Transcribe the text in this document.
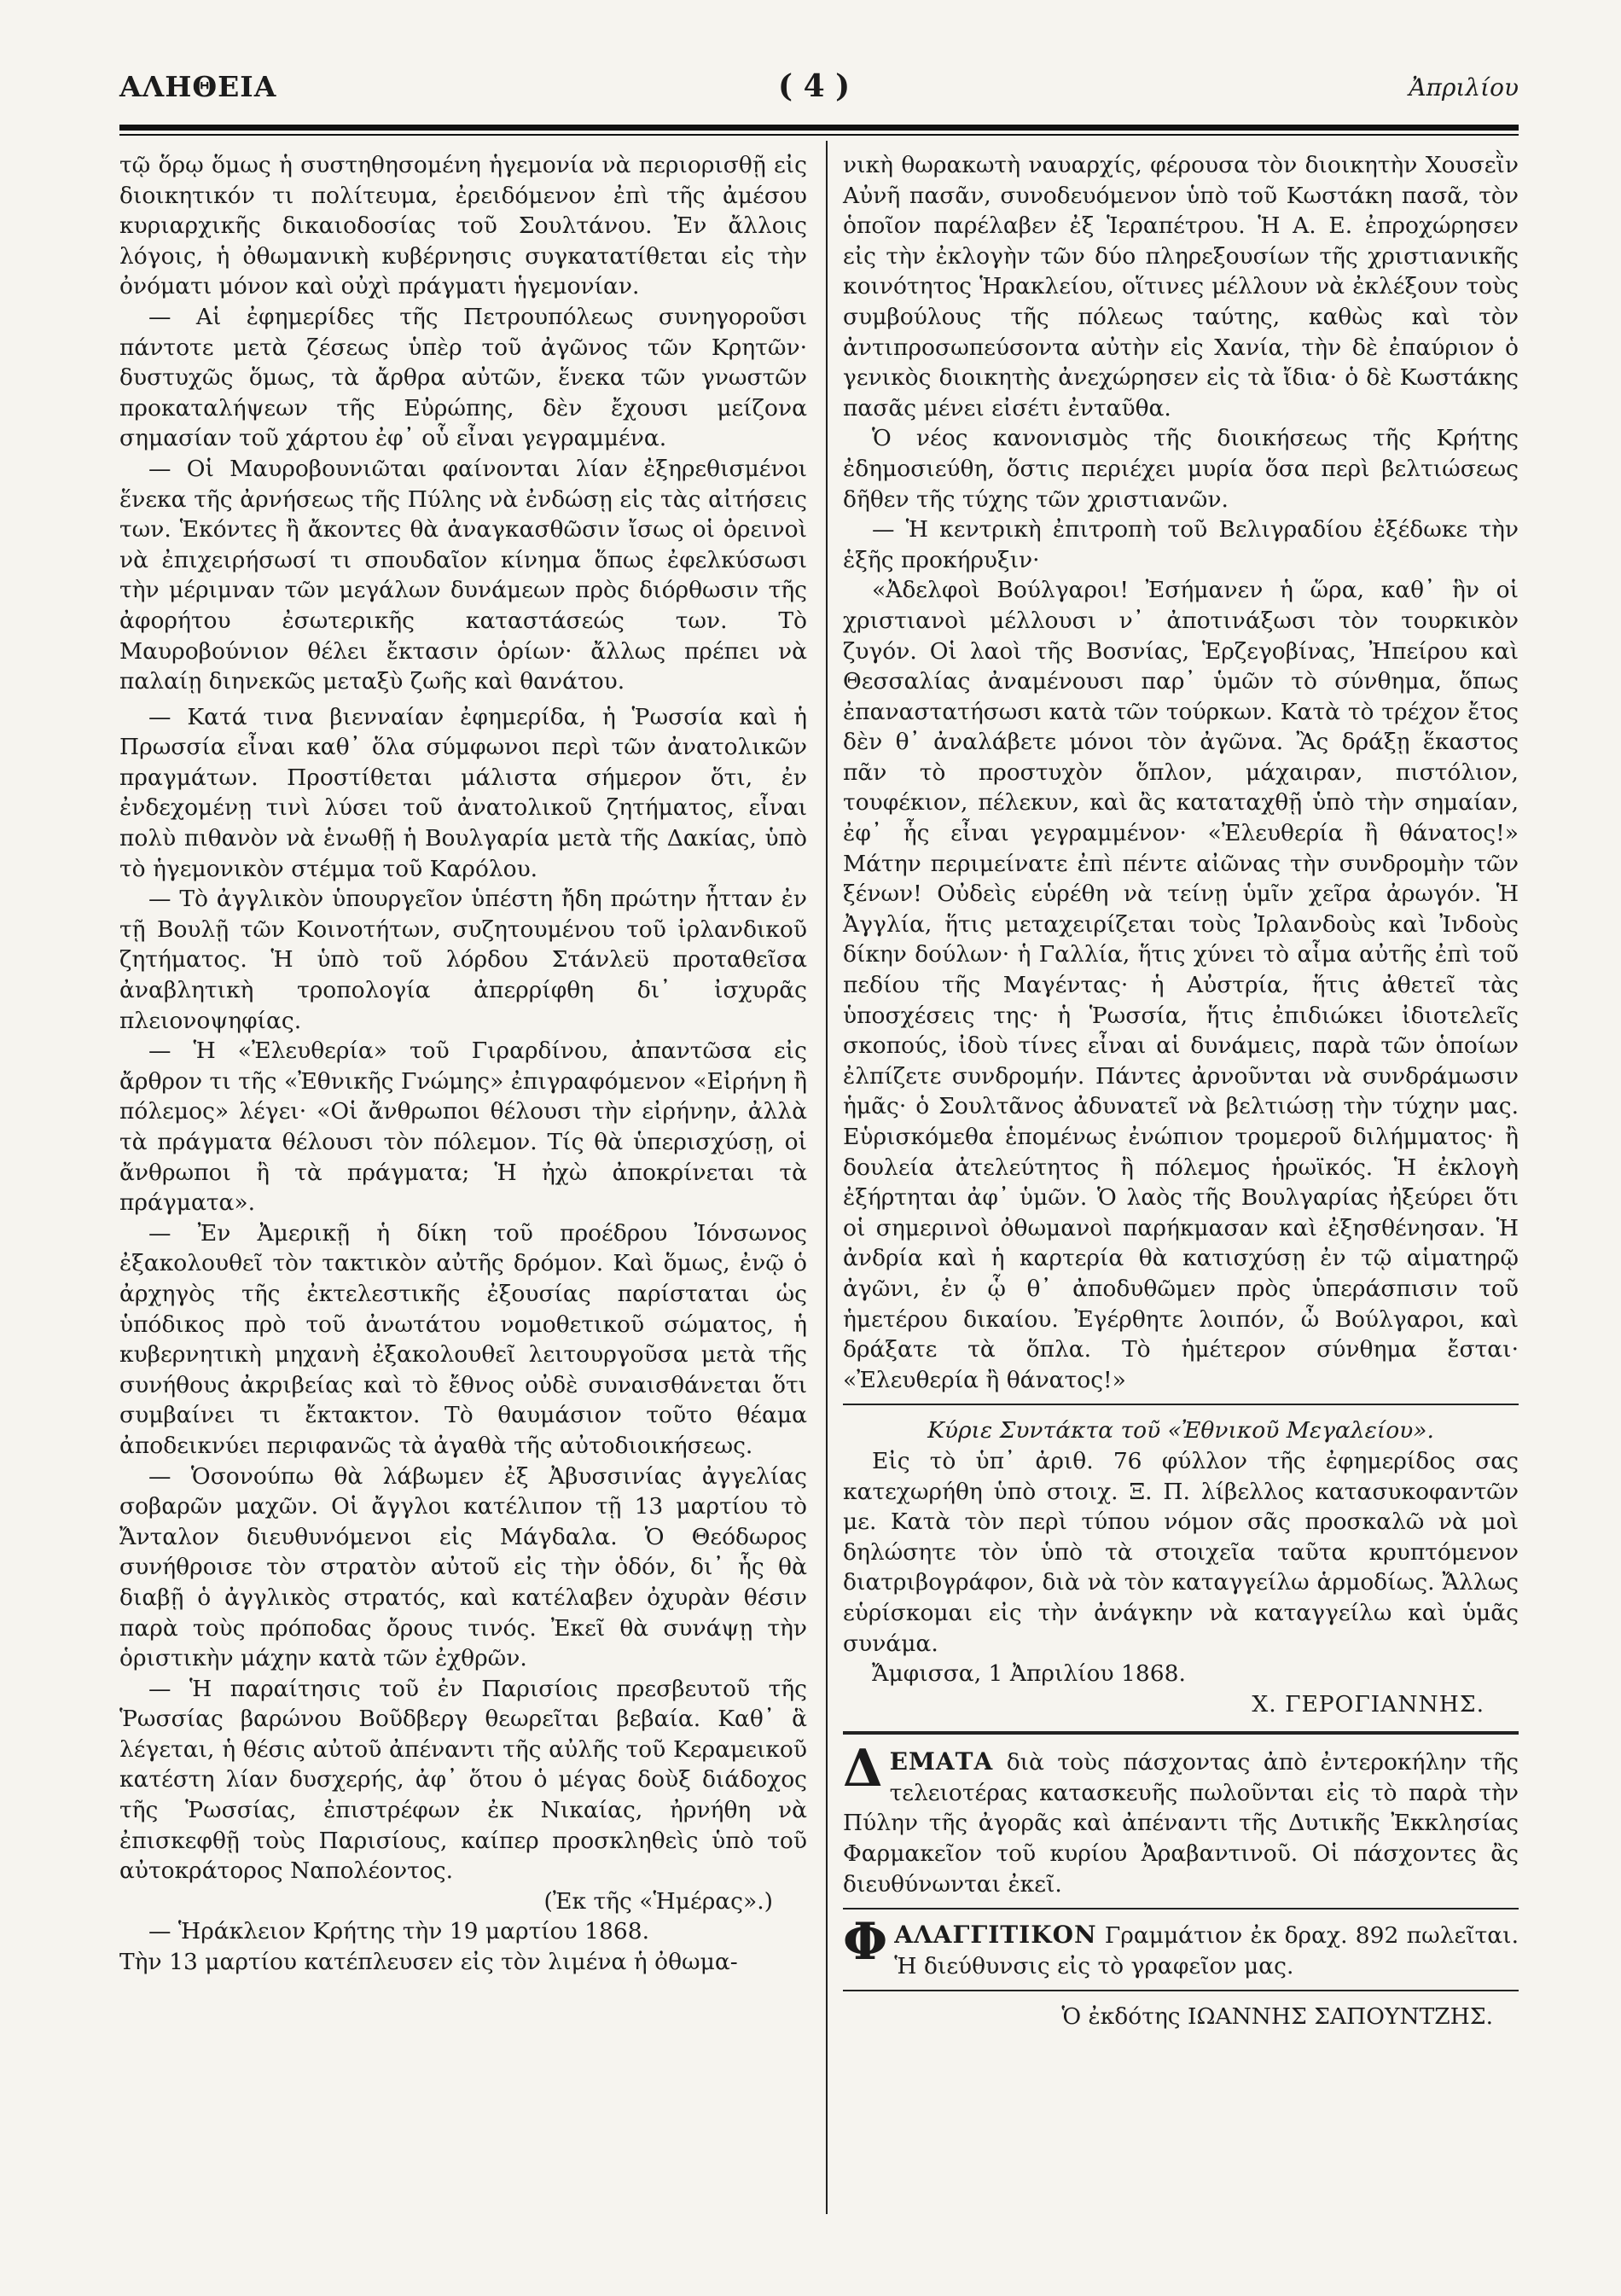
ΑΛΗΘΕΙΑ	( 4 )	Ἀπριλίου

τῷ ὅρῳ ὅμως ἡ συστηθησομένη ἡγεμονία νὰ περιορισθῇ εἰς διοικητικόν τι πολίτευμα, ἐρειδόμενον ἐπὶ τῆς ἀμέσου κυριαρχικῆς δικαιοδοσίας τοῦ Σουλτάνου. Ἐν ἄλλοις λόγοις, ἡ ὀθωμανικὴ κυβέρνησις συγκατατίθεται εἰς τὴν ὀνόματι μόνον καὶ οὐχὶ πράγματι ἡγεμονίαν.

— Αἱ ἐφημερίδες τῆς Πετρουπόλεως συνηγοροῦσι πάντοτε μετὰ ζέσεως ὑπὲρ τοῦ ἀγῶνος τῶν Κρητῶν· δυστυχῶς ὅμως, τὰ ἄρθρα αὐτῶν, ἕνεκα τῶν γνωστῶν προκαταλήψεων τῆς Εὐρώπης, δὲν ἔχουσι μείζονα σημασίαν τοῦ χάρτου ἐφ᾽ οὗ εἶναι γεγραμμένα.

— Οἱ Μαυροβουνιῶται φαίνονται λίαν ἐξηρεθισμένοι ἕνεκα τῆς ἀρνήσεως τῆς Πύλης νὰ ἐνδώσῃ εἰς τὰς αἰτήσεις των. Ἑκόντες ἢ ἄκοντες θὰ ἀναγκασθῶσιν ἴσως οἱ ὀρεινοὶ νὰ ἐπιχειρήσωσί τι σπουδαῖον κίνημα ὅπως ἐφελκύσωσι τὴν μέριμναν τῶν μεγάλων δυνάμεων πρὸς διόρθωσιν τῆς ἀφορήτου ἐσωτερικῆς καταστάσεώς των. Τὸ Μαυροβούνιον θέλει ἔκτασιν ὁρίων· ἄλλως πρέπει νὰ παλαίῃ διηνεκῶς μεταξὺ ζωῆς καὶ θανάτου.

— Κατά τινα βιενναίαν ἐφημερίδα, ἡ Ῥωσσία καὶ ἡ Πρωσσία εἶναι καθ᾽ ὅλα σύμφωνοι περὶ τῶν ἀνατολικῶν πραγμάτων. Προστίθεται μάλιστα σήμερον ὅτι, ἐν ἐνδεχομένῃ τινὶ λύσει τοῦ ἀνατολικοῦ ζητήματος, εἶναι πολὺ πιθανὸν νὰ ἑνωθῇ ἡ Βουλγαρία μετὰ τῆς Δακίας, ὑπὸ τὸ ἡγεμονικὸν στέμμα τοῦ Καρόλου.

— Τὸ ἀγγλικὸν ὑπουργεῖον ὑπέστη ἤδη πρώτην ἧτταν ἐν τῇ Βουλῇ τῶν Κοινοτήτων, συζητουμένου τοῦ ἰρλανδικοῦ ζητήματος. Ἡ ὑπὸ τοῦ λόρδου Στάνλεϋ προταθεῖσα ἀναβλητικὴ τροπολογία ἀπερρίφθη δι᾽ ἰσχυρᾶς πλειονοψηφίας.

— Ἡ «Ἐλευθερία» τοῦ Γιραρδίνου, ἀπαντῶσα εἰς ἄρθρον τι τῆς «Ἐθνικῆς Γνώμης» ἐπιγραφόμενον «Εἰρήνη ἢ πόλεμος» λέγει· «Οἱ ἄνθρωποι θέλουσι τὴν εἰρήνην, ἀλλὰ τὰ πράγματα θέλουσι τὸν πόλεμον. Τίς θὰ ὑπερισχύσῃ, οἱ ἄνθρωποι ἢ τὰ πράγματα; Ἡ ἠχὼ ἀποκρίνεται τὰ πράγματα».

— Ἐν Ἀμερικῇ ἡ δίκη τοῦ προέδρου Ἰόνσωνος ἐξακολουθεῖ τὸν τακτικὸν αὐτῆς δρόμον. Καὶ ὅμως, ἐνῷ ὁ ἀρχηγὸς τῆς ἐκτελεστικῆς ἐξουσίας παρίσταται ὡς ὑπόδικος πρὸ τοῦ ἀνωτάτου νομοθετικοῦ σώματος, ἡ κυβερνητικὴ μηχανὴ ἐξακολουθεῖ λειτουργοῦσα μετὰ τῆς συνήθους ἀκριβείας καὶ τὸ ἔθνος οὐδὲ συναισθάνεται ὅτι συμβαίνει τι ἔκτακτον. Τὸ θαυμάσιον τοῦτο θέαμα ἀποδεικνύει περιφανῶς τὰ ἀγαθὰ τῆς αὐτοδιοικήσεως.

— Ὁσονούπω θὰ λάβωμεν ἐξ Ἀβυσσινίας ἀγγελίας σοβαρῶν μαχῶν. Οἱ ἄγγλοι κατέλιπον τῇ 13 μαρτίου τὸ Ἄνταλον διευθυνόμενοι εἰς Μάγδαλα. Ὁ Θεόδωρος συνήθροισε τὸν στρατὸν αὐτοῦ εἰς τὴν ὁδόν, δι᾽ ἧς θὰ διαβῇ ὁ ἀγγλικὸς στρατός, καὶ κατέλαβεν ὀχυρὰν θέσιν παρὰ τοὺς πρόποδας ὄρους τινός. Ἐκεῖ θὰ συνάψῃ τὴν ὁριστικὴν μάχην κατὰ τῶν ἐχθρῶν.

— Ἡ παραίτησις τοῦ ἐν Παρισίοις πρεσβευτοῦ τῆς Ῥωσσίας βαρώνου Βοῦδβεργ θεωρεῖται βεβαία. Καθ᾽ ἃ λέγεται, ἡ θέσις αὐτοῦ ἀπέναντι τῆς αὐλῆς τοῦ Κεραμεικοῦ κατέστη λίαν δυσχερής, ἀφ᾽ ὅτου ὁ μέγας δοὺξ διάδοχος τῆς Ῥωσσίας, ἐπιστρέφων ἐκ Νικαίας, ἠρνήθη νὰ ἐπισκεφθῇ τοὺς Παρισίους, καίπερ προσκληθεὶς ὑπὸ τοῦ αὐτοκράτορος Ναπολέοντος.

(Ἐκ τῆς «Ἡμέρας».)

— Ἡράκλειον Κρήτης τὴν 19 μαρτίου 1868.

Τὴν 13 μαρτίου κατέπλευσεν εἰς τὸν λιμένα ἡ ὀθωμα-

νικὴ θωρακωτὴ ναυαρχίς, φέρουσα τὸν διοικητὴν Χουσεῒν Αὐνῆ πασᾶν, συνοδευόμενον ὑπὸ τοῦ Κωστάκη πασᾶ, τὸν ὁποῖον παρέλαβεν ἐξ Ἱεραπέτρου. Ἡ Α. Ε. ἐπροχώρησεν εἰς τὴν ἐκλογὴν τῶν δύο πληρεξουσίων τῆς χριστιανικῆς κοινότητος Ἡρακλείου, οἵτινες μέλλουν νὰ ἐκλέξουν τοὺς συμβούλους τῆς πόλεως ταύτης, καθὼς καὶ τὸν ἀντιπροσωπεύσοντα αὐτὴν εἰς Χανία, τὴν δὲ ἐπαύριον ὁ γενικὸς διοικητὴς ἀνεχώρησεν εἰς τὰ ἴδια· ὁ δὲ Κωστάκης πασᾶς μένει εἰσέτι ἐνταῦθα.

Ὁ νέος κανονισμὸς τῆς διοικήσεως τῆς Κρήτης ἐδημοσιεύθη, ὅστις περιέχει μυρία ὅσα περὶ βελτιώσεως δῆθεν τῆς τύχης τῶν χριστιανῶν.

— Ἡ κεντρικὴ ἐπιτροπὴ τοῦ Βελιγραδίου ἐξέδωκε τὴν ἑξῆς προκήρυξιν·

«Ἀδελφοὶ Βούλγαροι! Ἐσήμανεν ἡ ὥρα, καθ᾽ ἣν οἱ χριστιανοὶ μέλλουσι ν᾽ ἀποτινάξωσι τὸν τουρκικὸν ζυγόν. Οἱ λαοὶ τῆς Βοσνίας, Ἑρζεγοβίνας, Ἠπείρου καὶ Θεσσαλίας ἀναμένουσι παρ᾽ ὑμῶν τὸ σύνθημα, ὅπως ἐπαναστατήσωσι κατὰ τῶν τούρκων. Κατὰ τὸ τρέχον ἔτος δὲν θ᾽ ἀναλάβετε μόνοι τὸν ἀγῶνα. Ἂς δράξῃ ἕκαστος πᾶν τὸ προστυχὸν ὅπλον, μάχαιραν, πιστόλιον, τουφέκιον, πέλεκυν, καὶ ἂς καταταχθῇ ὑπὸ τὴν σημαίαν, ἐφ᾽ ἧς εἶναι γεγραμμένον· «Ἐλευθερία ἢ θάνατος!» Μάτην περιμείνατε ἐπὶ πέντε αἰῶνας τὴν συνδρομὴν τῶν ξένων! Οὐδεὶς εὑρέθη νὰ τείνῃ ὑμῖν χεῖρα ἀρωγόν. Ἡ Ἀγγλία, ἥτις μεταχειρίζεται τοὺς Ἰρλανδοὺς καὶ Ἰνδοὺς δίκην δούλων· ἡ Γαλλία, ἥτις χύνει τὸ αἷμα αὐτῆς ἐπὶ τοῦ πεδίου τῆς Μαγέντας· ἡ Αὐστρία, ἥτις ἀθετεῖ τὰς ὑποσχέσεις της· ἡ Ῥωσσία, ἥτις ἐπιδιώκει ἰδιοτελεῖς σκοπούς, ἰδοὺ τίνες εἶναι αἱ δυνάμεις, παρὰ τῶν ὁποίων ἐλπίζετε συνδρομήν. Πάντες ἀρνοῦνται νὰ συνδράμωσιν ἡμᾶς· ὁ Σουλτᾶνος ἀδυνατεῖ νὰ βελτιώσῃ τὴν τύχην μας. Εὑρισκόμεθα ἑπομένως ἐνώπιον τρομεροῦ διλήμματος· ἢ δουλεία ἀτελεύτητος ἢ πόλεμος ἡρωϊκός. Ἡ ἐκλογὴ ἐξήρτηται ἀφ᾽ ὑμῶν. Ὁ λαὸς τῆς Βουλγαρίας ἠξεύρει ὅτι οἱ σημερινοὶ ὀθωμανοὶ παρήκμασαν καὶ ἐξησθένησαν. Ἡ ἀνδρία καὶ ἡ καρτερία θὰ κατισχύσῃ ἐν τῷ αἱματηρῷ ἀγῶνι, ἐν ᾧ θ᾽ ἀποδυθῶμεν πρὸς ὑπεράσπισιν τοῦ ἡμετέρου δικαίου. Ἐγέρθητε λοιπόν, ὦ Βούλγαροι, καὶ δράξατε τὰ ὅπλα. Τὸ ἡμέτερον σύνθημα ἔσται· «Ἐλευθερία ἢ θάνατος!»

Κύριε Συντάκτα τοῦ «Ἐθνικοῦ Μεγαλείου».

Εἰς τὸ ὑπ᾽ ἀριθ. 76 φύλλον τῆς ἐφημερίδος σας κατεχωρήθη ὑπὸ στοιχ. Ξ. Π. λίβελλος κατασυκοφαντῶν με. Κατὰ τὸν περὶ τύπου νόμον σᾶς προσκαλῶ νὰ μοὶ δηλώσητε τὸν ὑπὸ τὰ στοιχεῖα ταῦτα κρυπτόμενον διατριβογράφον, διὰ νὰ τὸν καταγγείλω ἁρμοδίως. Ἄλλως εὑρίσκομαι εἰς τὴν ἀνάγκην νὰ καταγγείλω καὶ ὑμᾶς συνάμα.

Ἄμφισσα, 1 Ἀπριλίου 1868.

Χ. ΓΕΡΟΓΙΑΝΝΗΣ.

Δ ΕΜΑΤΑ διὰ τοὺς πάσχοντας ἀπὸ ἐντεροκήλην τῆς τελειοτέρας κατασκευῆς πωλοῦνται εἰς τὸ παρὰ τὴν Πύλην τῆς ἀγορᾶς καὶ ἀπέναντι τῆς Δυτικῆς Ἐκκλησίας Φαρμακεῖον τοῦ κυρίου Ἀραβαντινοῦ. Οἱ πάσχοντες ἂς διευθύνωνται ἐκεῖ.

Φ ΑΛΑΓΓΙΤΙΚΟΝ Γραμμάτιον ἐκ δραχ. 892 πωλεῖται. Ἡ διεύθυνσις εἰς τὸ γραφεῖον μας.

Ὁ ἐκδότης ΙΩΑΝΝΗΣ ΣΑΠΟΥΝΤΖΗΣ.
